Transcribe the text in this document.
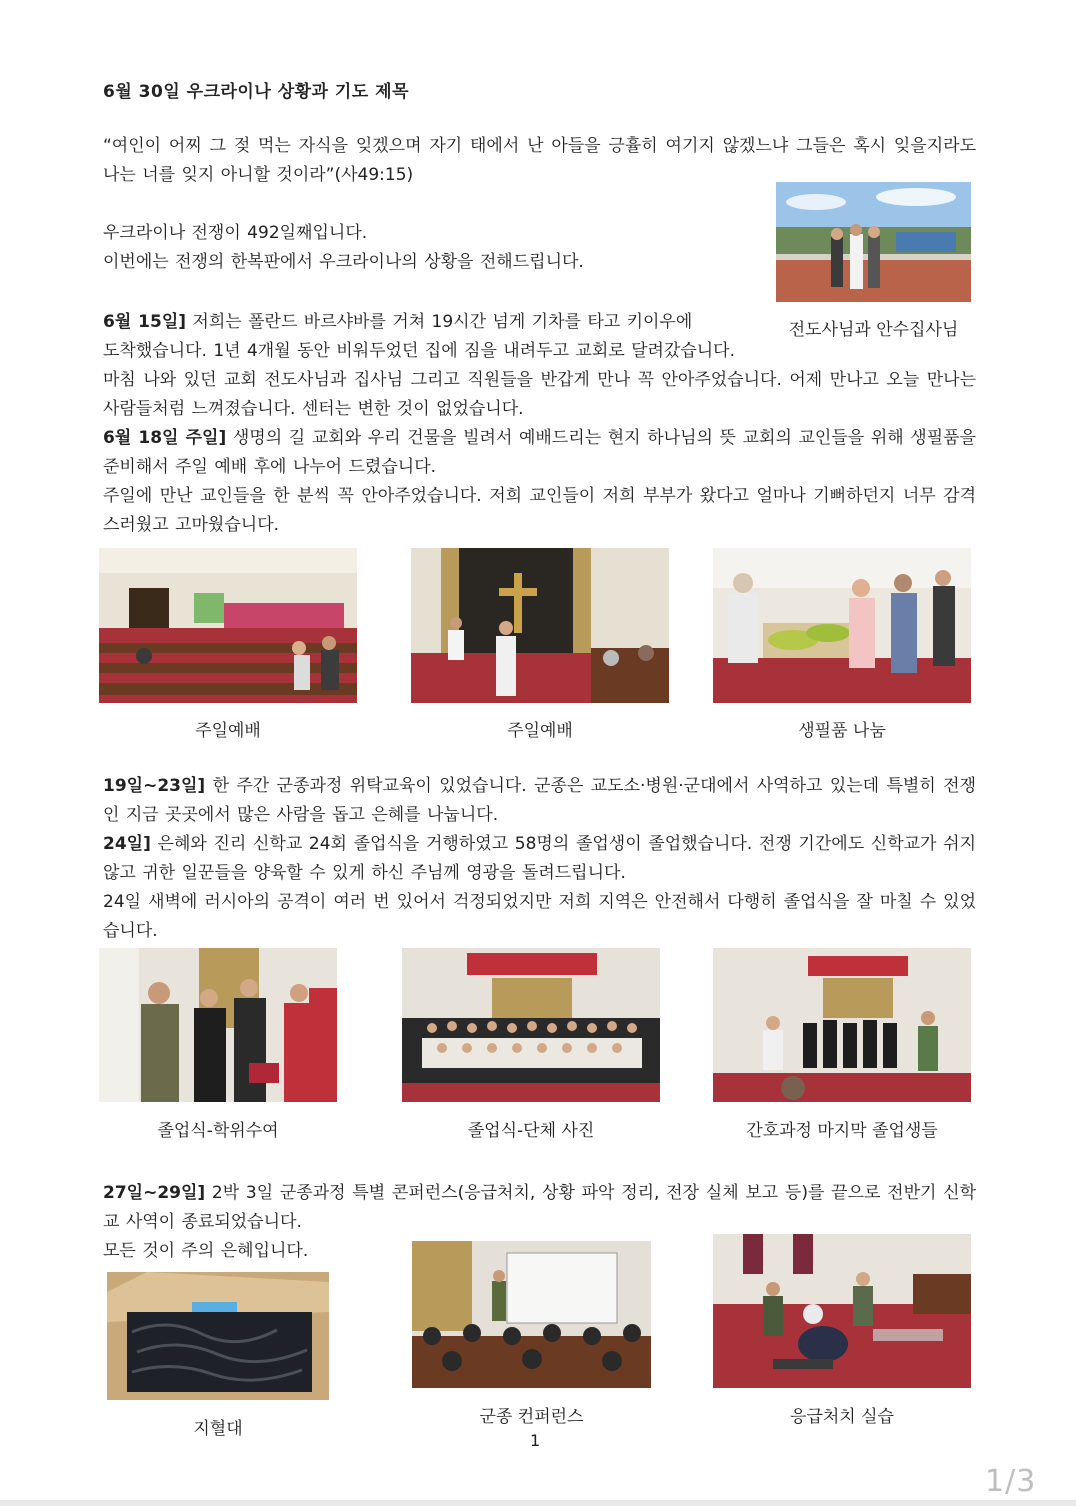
6월 30일 우크라이나 상황과 기도 제목
“여인이 어찌 그 젖 먹는 자식을 잊겠으며 자기 태에서 난 아들을 긍휼히 여기지 않겠느냐 그들은 혹시 잊을지라도 나는 너를 잊지 아니할 것이라”(사49:15)
우크라이나 전쟁이 492일째입니다.
이번에는 전쟁의 한복판에서 우크라이나의 상황을 전해드립니다.
전도사님과 안수집사님
6월 15일] 저희는 폴란드 바르샤바를 거쳐 19시간 넘게 기차를 타고 키이우에
도착했습니다. 1년 4개월 동안 비워두었던 집에 짐을 내려두고 교회로 달려갔습니다.
마침 나와 있던 교회 전도사님과 집사님 그리고 직원들을 반갑게 만나 꼭 안아주었습니다. 어제 만나고 오늘 만나는 사람들처럼 느껴졌습니다. 센터는 변한 것이 없었습니다.
6월 18일 주일] 생명의 길 교회와 우리 건물을 빌려서 예배드리는 현지 하나님의 뜻 교회의 교인들을 위해 생필품을 준비해서 주일 예배 후에 나누어 드렸습니다.
주일에 만난 교인들을 한 분씩 꼭 안아주었습니다. 저희 교인들이 저희 부부가 왔다고 얼마나 기뻐하던지 너무 감격스러웠고 고마웠습니다.
주일예배	주일예배	생필품 나눔
19일~23일] 한 주간 군종과정 위탁교육이 있었습니다. 군종은 교도소·병원·군대에서 사역하고 있는데 특별히 전쟁인 지금 곳곳에서 많은 사람을 돕고 은혜를 나눕니다.
24일] 은혜와 진리 신학교 24회 졸업식을 거행하였고 58명의 졸업생이 졸업했습니다. 전쟁 기간에도 신학교가 쉬지 않고 귀한 일꾼들을 양육할 수 있게 하신 주님께 영광을 돌려드립니다.
24일 새벽에 러시아의 공격이 여러 번 있어서 걱정되었지만 저희 지역은 안전해서 다행히 졸업식을 잘 마칠 수 있었습니다.
졸업식-학위수여	졸업식-단체 사진	간호과정 마지막 졸업생들
27일~29일] 2박 3일 군종과정 특별 콘퍼런스(응급처치, 상황 파악 정리, 전장 실체 보고 등)를 끝으로 전반기 신학교 사역이 종료되었습니다.
모든 것이 주의 은혜입니다.
지혈대
군종 컨퍼런스	응급처치 실습
1
1/3
